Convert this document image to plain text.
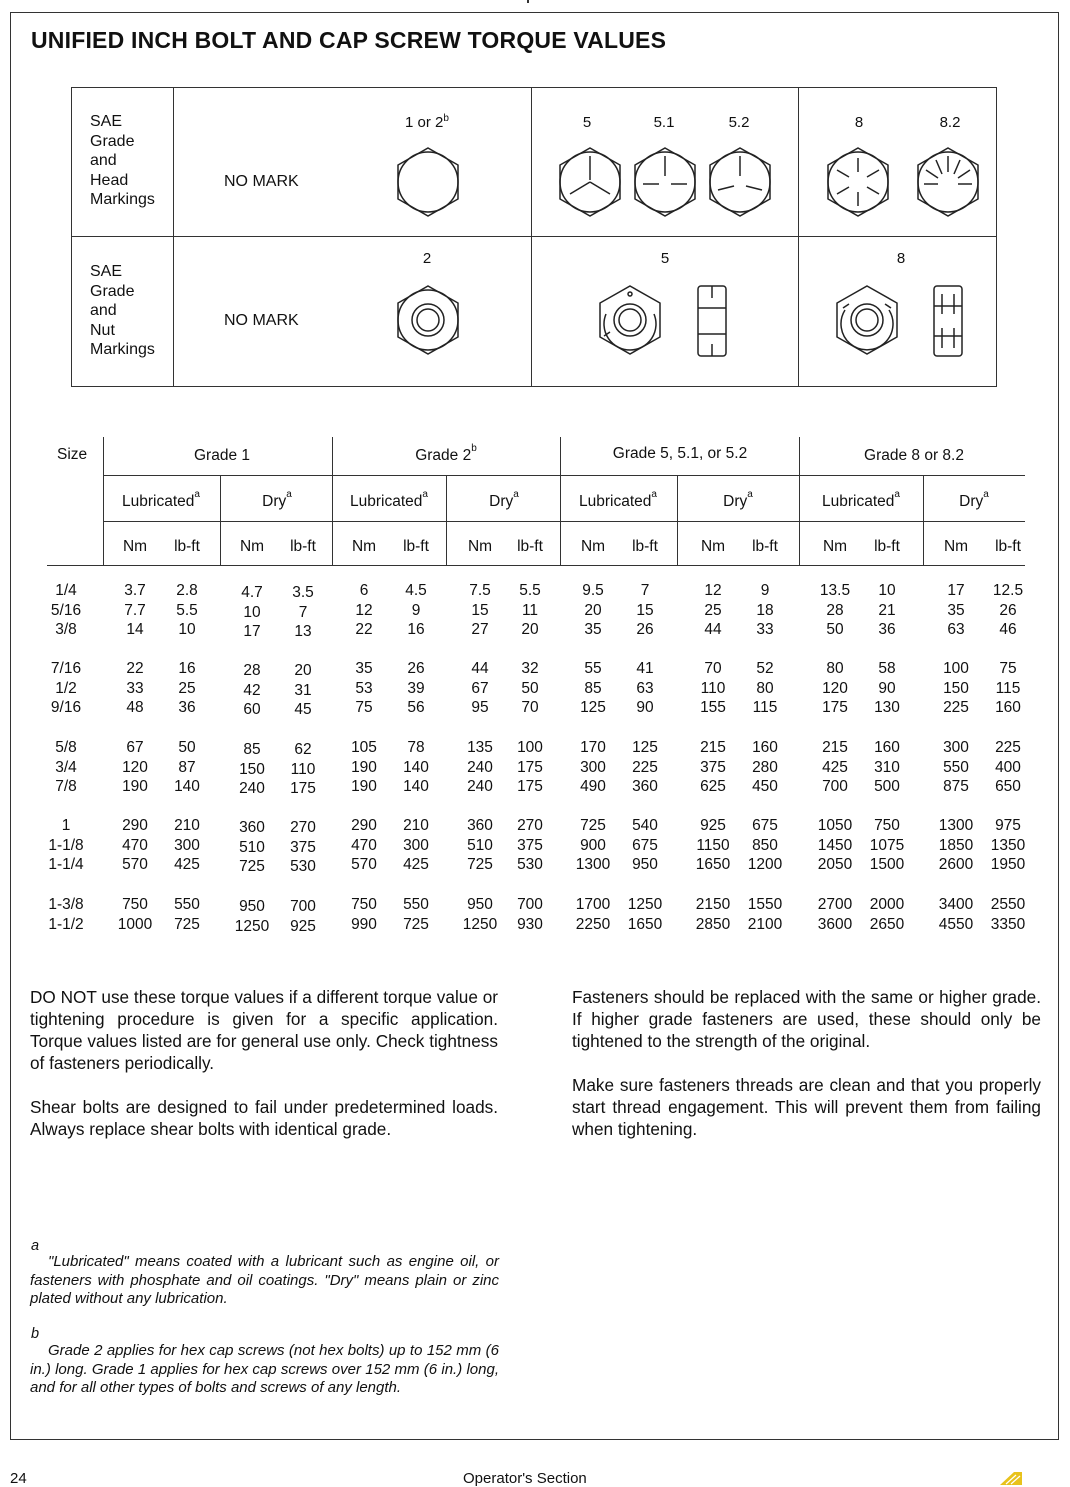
UNIFIED INCH BOLT AND CAP SCREW TORQUE VALUES
SAE
Grade
and
Head
Markings
SAE
Grade
and
Nut
Markings
NO MARK
NO MARK
1 or 2$^b$	5	5.1	5.2	8	8.2
2	5	8
Size	Grade 1	Grade 2$^b$	Grade 5, 5.1, or 5.2	Grade 8 or 8.2
Lubricated$^a$	Dry$^a$	Lubricated$^a$	Dry$^a$	Lubricated$^a$	Dry$^a$	Lubricated$^a$	Dry$^a$
Nm	lb-ft	Nm	lb-ft	Nm	lb-ft	Nm	lb-ft	Nm	lb-ft	Nm	lb-ft	Nm	lb-ft	Nm	lb-ft
1/4	3.7	2.8	4.7	3.5	6	4.5	7.5	5.5	9.5	7	12	9	13.5	10	17	12.5
5/16	7.7	5.5	10	7	12	9	15	11	20	15	25	18	28	21	35	26
3/8	14	10	17	13	22	16	27	20	35	26	44	33	50	36	63	46
7/16	22	16	28	20	35	26	44	32	55	41	70	52	80	58	100	75
1/2	33	25	42	31	53	39	67	50	85	63	110	80	120	90	150	115
9/16	48	36	60	45	75	56	95	70	125	90	155	115	175	130	225	160
5/8	67	50	85	62	105	78	135	100	170	125	215	160	215	160	300	225
3/4	120	87	150	110	190	140	240	175	300	225	375	280	425	310	550	400
7/8	190	140	240	175	190	140	240	175	490	360	625	450	700	500	875	650
1	290	210	360	270	290	210	360	270	725	540	925	675	1050	750	1300	975
1-1/8	470	300	510	375	470	300	510	375	900	675	1150	850	1450	1075	1850	1350
1-1/4	570	425	725	530	570	425	725	530	1300	950	1650	1200	2050	1500	2600	1950
1-3/8	750	550	950	700	750	550	950	700	1700	1250	2150	1550	2700	2000	3400	2550
1-1/2	1000	725	1250	925	990	725	1250	930	2250	1650	2850	2100	3600	2650	4550	3350

DO NOT use these torque values if a different torque value or tightening procedure is given for a specific application. Torque values listed are for general use only. Check tightness of fasteners periodically.

Shear bolts are designed to fail under predetermined loads. Always replace shear bolts with identical grade.

Fasteners should be replaced with the same or higher grade. If higher grade fasteners are used, these should only be tightened to the strength of the original.

Make sure fasteners threads are clean and that you properly start thread engagement. This will prevent them from failing when tightening.

a

"Lubricated" means coated with a lubricant such as engine oil, or fasteners with phosphate and oil coatings. "Dry" means plain or zinc plated without any lubrication.

b

Grade 2 applies for hex cap screws (not hex bolts) up to 152 mm (6 in.) long. Grade 1 applies for hex cap screws over 152 mm (6 in.) long, and for all other types of bolts and screws of any length.

24	Operator's Section
